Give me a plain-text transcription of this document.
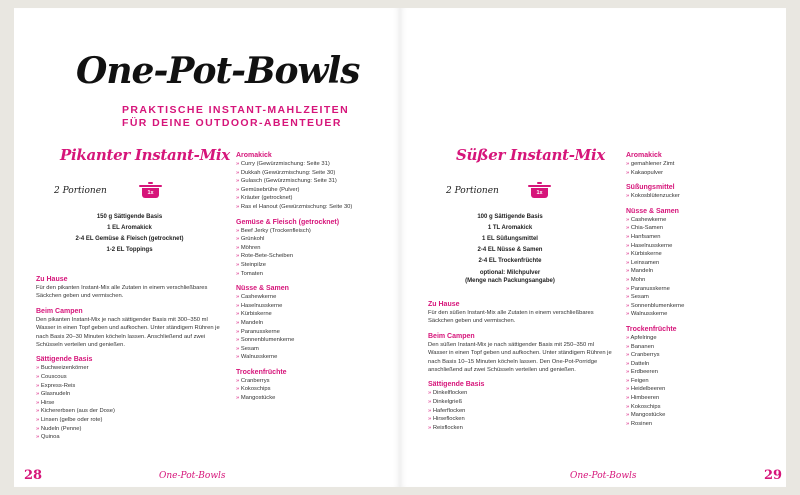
One-Pot-Bowls
PRAKTISCHE INSTANT-MAHLZEITEN
FÜR DEINE OUTDOOR-ABENTEUER
Pikanter Instant-Mix
2 Portionen	1x
150 g Sättigende Basis
1 EL Aromakick
2-4 EL Gemüse & Fleisch (getrocknet)
1-2 EL Toppings
Zu Hause
Für den pikanten Instant-Mix alle Zutaten in einem verschließbares Säckchen geben und vermischen.
Beim Campen
Den pikanten Instant-Mix je nach sättigender Basis mit 300–350 ml Wasser in einen Topf geben und aufkochen. Unter ständigem Rühren je nach Basis 20–30 Minuten köcheln lassen. Anschließend auf zwei Schüsseln verteilen und genießen.
Sättigende Basis
» Buchweizenkörner
» Couscous
» Express-Reis
» Glasnudeln
» Hirse
» Kichererbsen (aus der Dose)
» Linsen (gelbe oder rote)
» Nudeln (Penne)
» Quinoa
Aromakick
» Curry (Gewürzmischung: Seite 31)
» Dukkah (Gewürzmischung: Seite 30)
» Gulasch (Gewürzmischung: Seite 31)
» Gemüsebrühe (Pulver)
» Kräuter (getrocknet)
» Ras el Hanout (Gewürzmischung: Seite 30)
Gemüse & Fleisch (getrocknet)
» Beef Jerky (Trockenfleisch)
» Grünkohl
» Möhren
» Rote-Bete-Scheiben
» Steinpilze
» Tomaten
Nüsse & Samen
» Cashewkerne
» Haselnusskerne
» Kürbiskerne
» Mandeln
» Paranusskerne
» Sonnenblumenkerne
» Sesam
» Walnusskerne
Trockenfrüchte
» Cranberrys
» Kokoschips
» Mangostücke
28	One-Pot-Bowls
Süßer Instant-Mix
2 Portionen	1x
100 g Sättigende Basis
1 TL Aromakick
1 EL Süßungsmittel
2-4 EL Nüsse & Samen
2-4 EL Trockenfrüchte
optional: Milchpulver
(Menge nach Packungsangabe)
Zu Hause
Für den süßen Instant-Mix alle Zutaten in einem verschließbares Säckchen geben und vermischen.
Beim Campen
Den süßen Instant-Mix je nach sättigender Basis mit 250–350 ml Wasser in einen Topf geben und aufkochen. Unter ständigem Rühren je nach Basis 10–15 Minuten köcheln lassen. Den One-Pot-Porridge anschließend auf zwei Schüsseln verteilen und genießen.
Sättigende Basis
» Dinkelflocken
» Dinkelgrieß
» Haferflocken
» Hirseflocken
» Reisflocken
Aromakick
» gemahlener Zimt
» Kakaopulver
Süßungsmittel
» Kokosblütenzucker
Nüsse & Samen
» Cashewkerne
» Chia-Samen
» Hanfsamen
» Haselnusskerne
» Kürbiskerne
» Leinsamen
» Mandeln
» Mohn
» Paranusskerne
» Sesam
» Sonnenblumenkerne
» Walnusskerne
Trockenfrüchte
» Apfelringe
» Bananen
» Cranberrys
» Datteln
» Erdbeeren
» Feigen
» Heidelbeeren
» Himbeeren
» Kokoschips
» Mangostücke
» Rosinen
One-Pot-Bowls	29
